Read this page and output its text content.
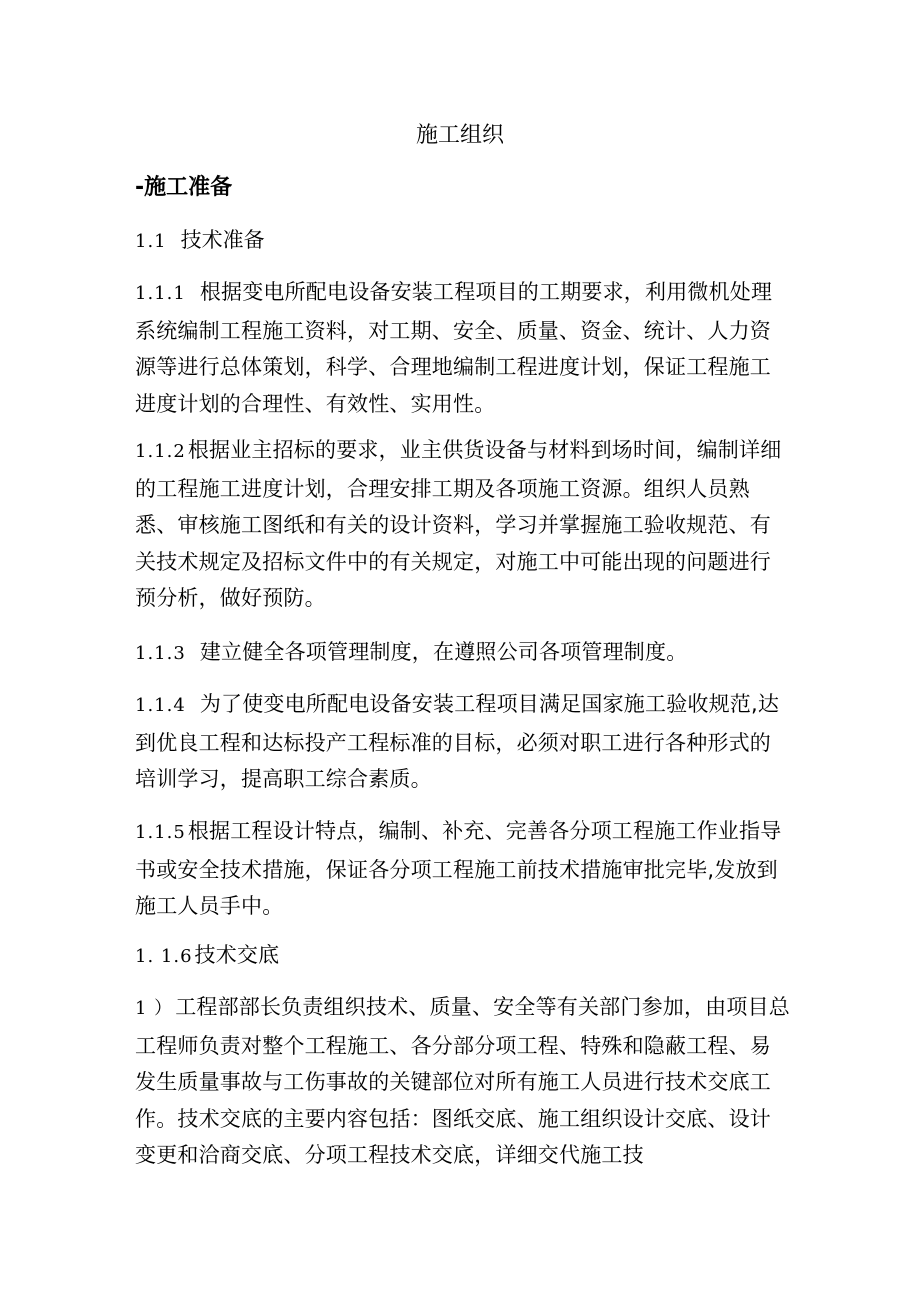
施工组织
-施工准备
1.1 技术准备
1.1.1 根据变电所配电设备安装工程项目的工期要求，利用微机处理系统编制工程施工资料，对工期、安全、质量、资金、统计、人力资源等进行总体策划，科学、合理地编制工程进度计划，保证工程施工进度计划的合理性、有效性、实用性。
1.1.2根据业主招标的要求，业主供货设备与材料到场时间，编制详细的工程施工进度计划，合理安排工期及各项施工资源。组织人员熟悉、审核施工图纸和有关的设计资料，学习并掌握施工验收规范、有关技术规定及招标文件中的有关规定，对施工中可能出现的问题进行预分析，做好预防。
1.1.3 建立健全各项管理制度，在遵照公司各项管理制度。
1.1.4 为了使变电所配电设备安装工程项目满足国家施工验收规范,达到优良工程和达标投产工程标准的目标，必须对职工进行各种形式的培训学习，提高职工综合素质。
1.1.5根据工程设计特点，编制、补充、完善各分项工程施工作业指导书或安全技术措施，保证各分项工程施工前技术措施审批完毕,发放到施工人员手中。
1. 1.6技术交底
1 ）工程部部长负责组织技术、质量、安全等有关部门参加，由项目总工程师负责对整个工程施工、各分部分项工程、特殊和隐蔽工程、易发生质量事故与工伤事故的关键部位对所有施工人员进行技术交底工作。技术交底的主要内容包括：图纸交底、施工组织设计交底、设计变更和洽商交底、分项工程技术交底，详细交代施工技
